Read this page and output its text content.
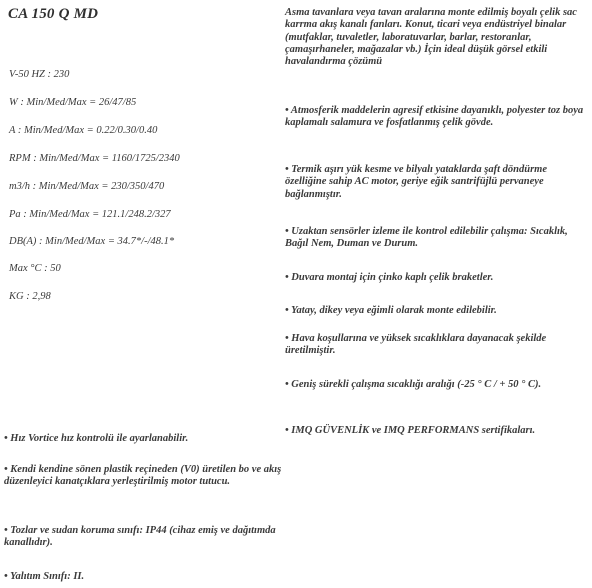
CA 150 Q MD
V-50 HZ : 230
W : Min/Med/Max = 26/47/85
A : Min/Med/Max = 0.22/0.30/0.40
RPM : Min/Med/Max = 1160/1725/2340
m3/h : Min/Med/Max = 230/350/470
Pa : Min/Med/Max = 121.1/248.2/327
DB(A) : Min/Med/Max = 34.7*/-/48.1*
Max °C : 50
KG : 2,98
Asma tavanlara veya tavan aralarına monte edilmiş boyalı çelik sac karrma akış kanalı fanları. Konut, ticari veya endüstriyel binalar (mutfaklar, tuvaletler, laboratuvarlar, barlar, restoranlar, çamaşırhaneler, mağazalar vb.) İçin ideal düşük görsel etkili havalandırma çözümü
• Atmosferik maddelerin agresif etkisine dayanıklı, polyester toz boya kaplamalı salamura ve fosfatlanmış çelik gövde.
• Termik aşırı yük kesme ve bilyalı yataklarda şaft döndürme özelliğine sahip AC motor, geriye eğik santrifüjlü pervaneye bağlanmıştır.
• Uzaktan sensörler izleme ile kontrol edilebilir çalışma: Sıcaklık, Bağıl Nem, Duman ve Durum.
• Duvara montaj için çinko kaplı çelik braketler.
• Yatay, dikey veya eğimli olarak monte edilebilir.
• Hava koşullarına ve yüksek sıcaklıklara dayanacak şekilde üretilmiştir.
• Geniş sürekli çalışma sıcaklığı aralığı (-25 ° C / + 50 ° C).
• IMQ GÜVENLİK ve IMQ PERFORMANS sertifikaları.
• Hız Vortice hız kontrolü ile ayarlanabilir.
• Kendi kendine sönen plastik reçineden (V0) üretilen bo ve akış düzenleyici kanatçıklara yerleştirilmiş motor tutucu.
• Tozlar ve sudan koruma sınıfı: IP44 (cihaz emiş ve dağıtımda kanallıdır).
• Yalıtım Sınıfı: II.
